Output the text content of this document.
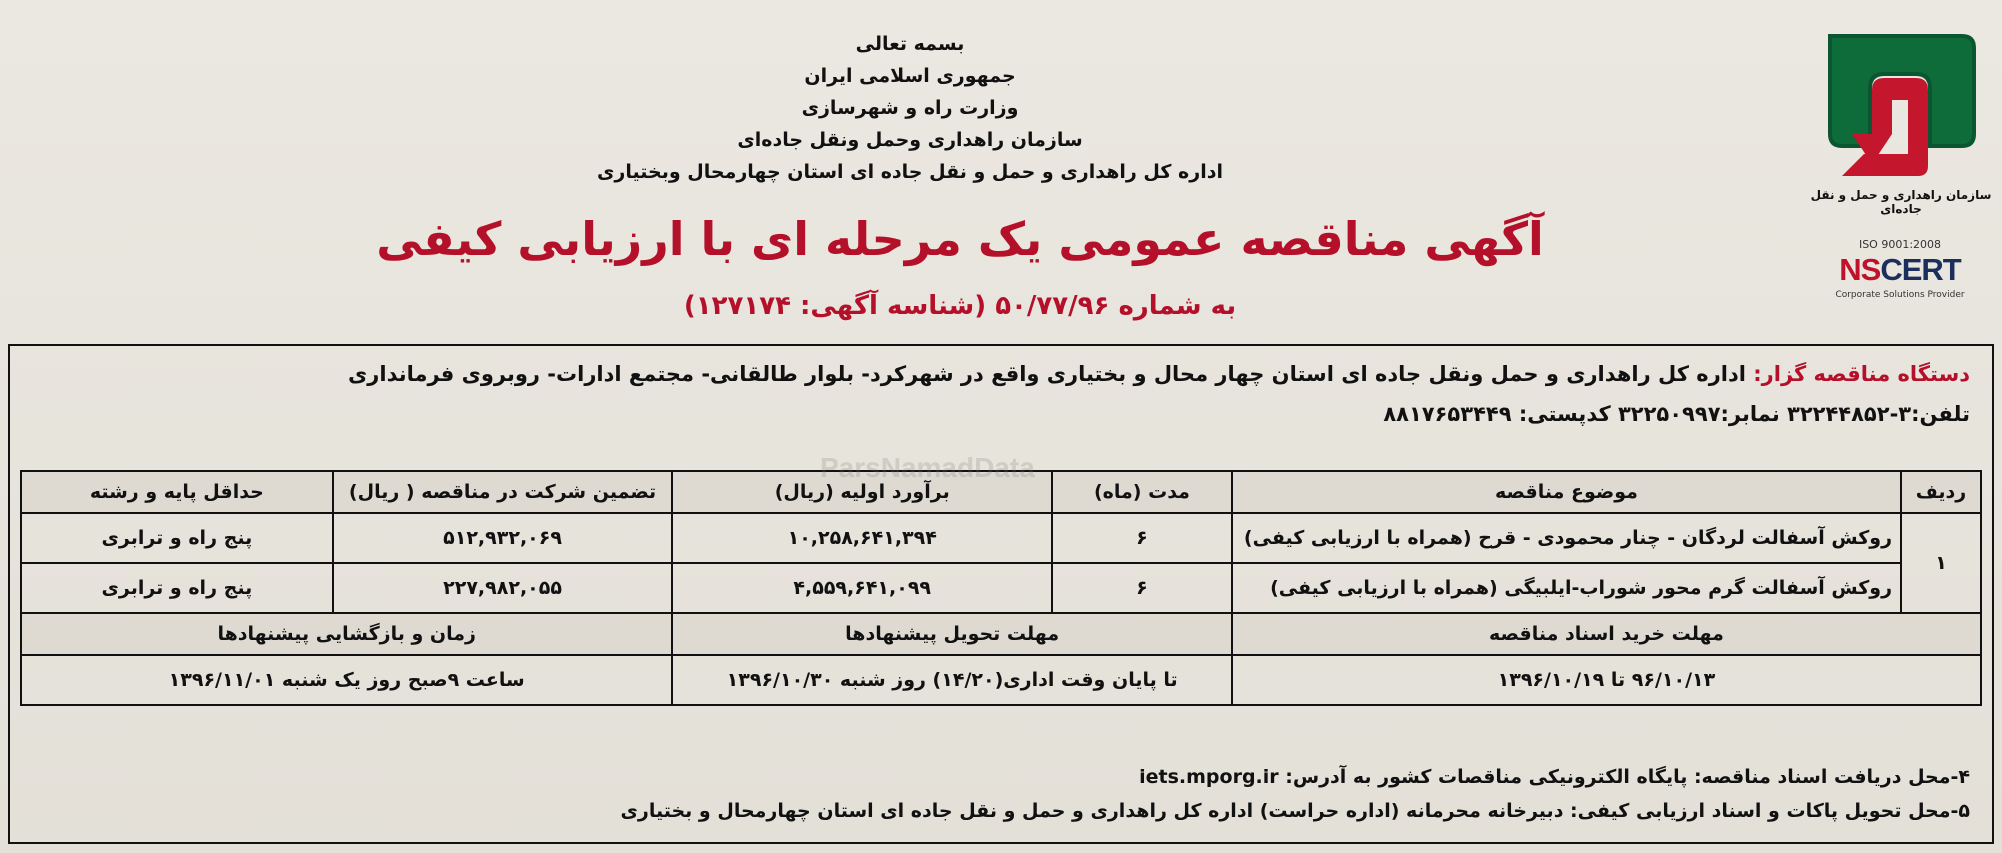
سازمان راهداری و حمل و نقل جاده‌ای
ISO 9001:2008
NSCERT
Corporate Solutions Provider
بسمه تعالی
جمهوری اسلامی ایران
وزارت راه و شهرسازی
سازمان راهداری وحمل ونقل جاده‌ای
اداره کل راهداری و حمل و نقل جاده ای استان چهارمحال وبختیاری
آگهی مناقصه عمومی یک مرحله ای با ارزیابی کیفی
به شماره ۵۰/۷۷/۹۶ (شناسه آگهی: ۱۲۷۱۷۴)
دستگاه مناقصه گزار: اداره کل راهداری و حمل ونقل جاده ای استان چهار محال و بختیاری واقع در شهرکرد- بلوار طالقانی- مجتمع ادارات- روبروی فرمانداری
تلفن:۳-۳۲۲۴۴۸۵۲ نمابر:۳۲۲۵۰۹۹۷ کدپستی: ۸۸۱۷۶۵۳۴۴۹
ردیف	موضوع مناقصه	مدت (ماه)	برآورد اولیه (ریال)	تضمین شرکت در مناقصه ( ریال)	حداقل پایه و رشته
۱	روکش آسفالت لردگان - چنار محمودی - قرح (همراه با ارزیابی کیفی)	۶	۱۰,۲۵۸,۶۴۱,۳۹۴	۵۱۲,۹۳۲,۰۶۹	پنج راه و ترابری
	روکش آسفالت گرم محور شوراب-ایلبیگی (همراه با ارزیابی کیفی)	۶	۴,۵۵۹,۶۴۱,۰۹۹	۲۲۷,۹۸۲,۰۵۵	پنج راه و ترابری
مهلت خرید اسناد مناقصه		مهلت تحویل پیشنهادها		زمان و بازگشایی پیشنهادها	
۹۶/۱۰/۱۳ تا ۱۳۹۶/۱۰/۱۹		تا پایان وقت اداری(۱۴/۲۰) روز شنبه ۱۳۹۶/۱۰/۳۰		ساعت ۹صبح روز یک شنبه ۱۳۹۶/۱۱/۰۱	
ParsNamadData
۴-محل دریافت اسناد مناقصه: پایگاه الکترونیکی مناقصات کشور به آدرس: iets.mporg.ir
۵-محل تحویل پاکات و اسناد ارزیابی کیفی: دبیرخانه محرمانه (اداره حراست) اداره کل راهداری و حمل و نقل جاده ای استان چهارمحال و بختیاری
